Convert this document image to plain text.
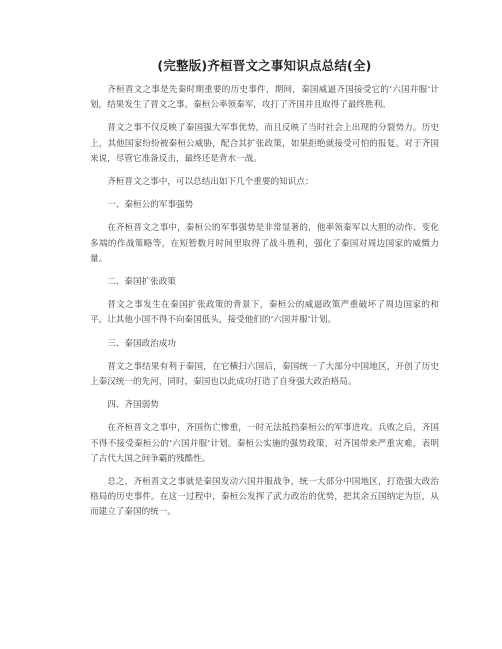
(完整版)齐桓晋文之事知识点总结(全)

齐桓晋文之事是先秦时期重要的历史事件，期间，秦国威逼齐国接受它的‘六国并服’计划，结果发生了晋文之事。秦桓公率领秦军，攻打了齐国并且取得了最终胜利。

晋文之事不仅反映了秦国强大军事优势，而且反映了当时社会上出现的分裂势力。历史上，其他国家纷纷被秦桓公威胁，配合其扩张政策，如果拒绝就接受可怕的报复。对于齐国来说，尽管它准备反击，最终还是背水一战。

齐桓晋文之事中，可以总结出如下几个重要的知识点：

一、秦桓公的军事强势

在齐桓晋文之事中，秦桓公的军事强势是非常显著的，他率领秦军以大胆的动作、变化多端的作战策略等，在短暂数月时间里取得了战斗胜利，强化了秦国对周边国家的威慑力量。

二、秦国扩张政策

晋文之事发生在秦国扩张政策的背景下，秦桓公的威逼政策严重破坏了周边国家的和平，让其他小国不得不向秦国低头，接受他们的‘六国并服’计划。

三、秦国政治成功

晋文之事结果有利于秦国，在它横扫六国后，秦国统一了大部分中国地区，开创了历史上秦汉统一的先河，同时，秦国也以此成功打造了自身强大政治格局。

四、齐国弱势

在齐桓晋文之事中，齐国伤亡惨重，一时无法抵挡秦桓公的军事进攻。兵败之后，齐国不得不接受秦桓公的‘六国并服’计划。秦桓公实施的强势政策，对齐国带来严重灾难，表明了古代大国之间争霸的残酷性。

总之，齐桓晋文之事就是秦国发动六国并服战争，统一大部分中国地区，打造强大政治格局的历史事件。在这一过程中，秦桓公发挥了武力政治的优势，把其余五国纳定为臣，从而建立了秦国的统一。
